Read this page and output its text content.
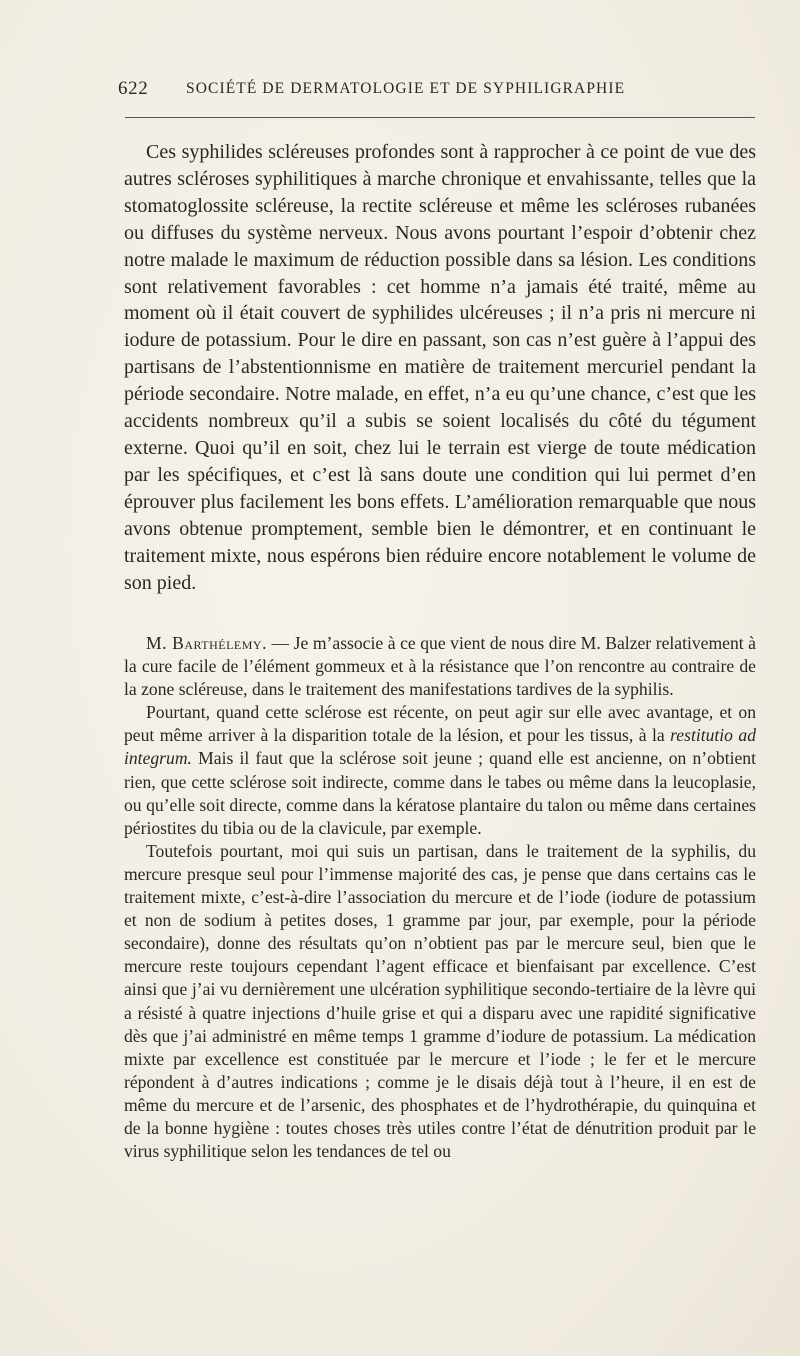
622 SOCIÉTÉ DE DERMATOLOGIE ET DE SYPHILIGRAPHIE

Ces syphilides scléreuses profondes sont à rapprocher à ce point de vue des autres scléroses syphilitiques à marche chronique et envahissante, telles que la stomatoglossite scléreuse, la rectite scléreuse et même les scléroses rubanées ou diffuses du système nerveux. Nous avons pourtant l’espoir d’obtenir chez notre malade le maximum de réduction possible dans sa lésion. Les conditions sont relativement favorables : cet homme n’a jamais été traité, même au moment où il était couvert de syphilides ulcéreuses ; il n’a pris ni mercure ni iodure de potassium. Pour le dire en passant, son cas n’est guère à l’appui des partisans de l’abstentionnisme en matière de traitement mercuriel pendant la période secondaire. Notre malade, en effet, n’a eu qu’une chance, c’est que les accidents nombreux qu’il a subis se soient localisés du côté du tégument externe. Quoi qu’il en soit, chez lui le terrain est vierge de toute médication par les spécifiques, et c’est là sans doute une condition qui lui permet d’en éprouver plus facilement les bons effets. L’amélioration remarquable que nous avons obtenue promptement, semble bien le démontrer, et en continuant le traitement mixte, nous espérons bien réduire encore notablement le volume de son pied.

M. Barthélemy. — Je m’associe à ce que vient de nous dire M. Balzer relativement à la cure facile de l’élément gommeux et à la résistance que l’on rencontre au contraire de la zone scléreuse, dans le traitement des manifestations tardives de la syphilis.

Pourtant, quand cette sclérose est récente, on peut agir sur elle avec avantage, et on peut même arriver à la disparition totale de la lésion, et pour les tissus, à la restitutio ad integrum. Mais il faut que la sclérose soit jeune ; quand elle est ancienne, on n’obtient rien, que cette sclérose soit indirecte, comme dans le tabes ou même dans la leucoplasie, ou qu’elle soit directe, comme dans la kératose plantaire du talon ou même dans certaines périostites du tibia ou de la clavicule, par exemple.

Toutefois pourtant, moi qui suis un partisan, dans le traitement de la syphilis, du mercure presque seul pour l’immense majorité des cas, je pense que dans certains cas le traitement mixte, c’est-à-dire l’association du mercure et de l’iode (iodure de potassium et non de sodium à petites doses, 1 gramme par jour, par exemple, pour la période secondaire), donne des résultats qu’on n’obtient pas par le mercure seul, bien que le mercure reste toujours cependant l’agent efficace et bienfaisant par excellence. C’est ainsi que j’ai vu dernièrement une ulcération syphilitique secondo-tertiaire de la lèvre qui a résisté à quatre injections d’huile grise et qui a disparu avec une rapidité significative dès que j’ai administré en même temps 1 gramme d’iodure de potassium. La médication mixte par excellence est constituée par le mercure et l’iode ; le fer et le mercure répondent à d’autres indications ; comme je le disais déjà tout à l’heure, il en est de même du mercure et de l’arsenic, des phosphates et de l’hydrothérapie, du quinquina et de la bonne hygiène : toutes choses très utiles contre l’état de dénutrition produit par le virus syphilitique selon les tendances de tel ou
